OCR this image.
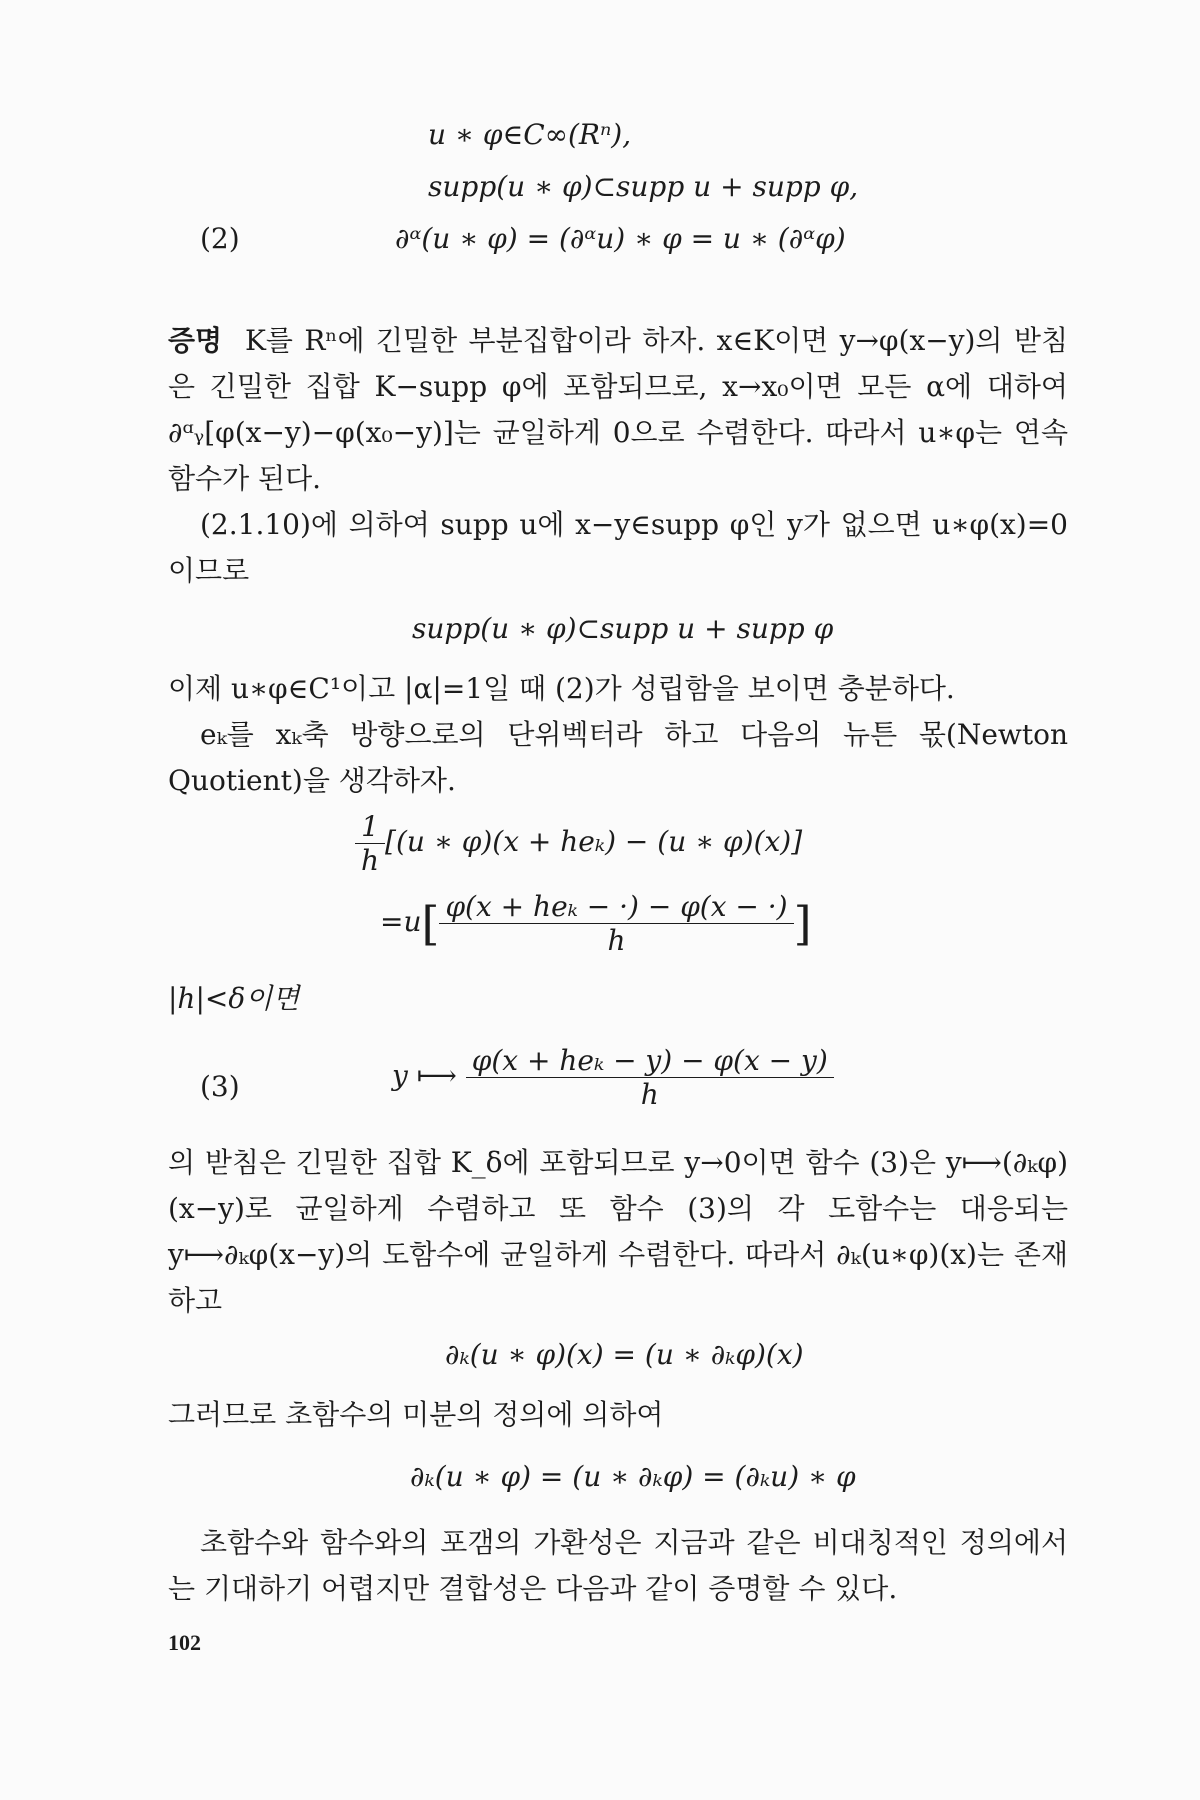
u ∗ φ∈C∞(Rⁿ),
supp(u ∗ φ)⊂supp u + supp φ,
(2)	∂ᵅ(u ∗ φ) = (∂ᵅu) ∗ φ = u ∗ (∂ᵅφ)

증명 K를 Rⁿ에 긴밀한 부분집합이라 하자. x∈K이면 y→φ(x−y)의 받침은 긴밀한 집합 K−supp φ에 포함되므로, x→x₀이면 모든 α에 대하여 ∂ᵅᵧ[φ(x−y)−φ(x₀−y)]는 균일하게 0으로 수렴한다. 따라서 u∗φ는 연속함수가 된다.

(2.1.10)에 의하여 supp u에 x−y∈supp φ인 y가 없으면 u∗φ(x)=0이므로

supp(u ∗ φ)⊂supp u + supp φ

이제 u∗φ∈C¹이고 |α|=1일 때 (2)가 성립함을 보이면 충분하다.

eₖ를 xₖ축 방향으로의 단위벡터라 하고 다음의 뉴튼 몫(Newton Quotient)을 생각하자.

$\frac{1}{h} [(u$ ∗ φ)(x + heₖ) − (u ∗ φ)(x)]
$=u[ \frac{\text{φ(x + heₖ − ·) − φ(x − ·)}}{h}$ ]

|h|<δ이면

(3)	y ⟼ $\frac{\text{φ(x + heₖ − y) − φ(x − y)}}{h}$

의 받침은 긴밀한 집합 K_δ에 포함되므로 y→0이면 함수 (3)은 y⟼(∂ₖφ)(x−y)로 균일하게 수렴하고 또 함수 (3)의 각 도함수는 대응되는 y⟼∂ₖφ(x−y)의 도함수에 균일하게 수렴한다. 따라서 ∂ₖ(u∗φ)(x)는 존재하고

∂ₖ(u ∗ φ)(x) = (u ∗ ∂ₖφ)(x)

그러므로 초함수의 미분의 정의에 의하여

∂ₖ(u ∗ φ) = (u ∗ ∂ₖφ) = (∂ₖu) ∗ φ

초함수와 함수와의 포갬의 가환성은 지금과 같은 비대칭적인 정의에서는 기대하기 어렵지만 결합성은 다음과 같이 증명할 수 있다.

102
